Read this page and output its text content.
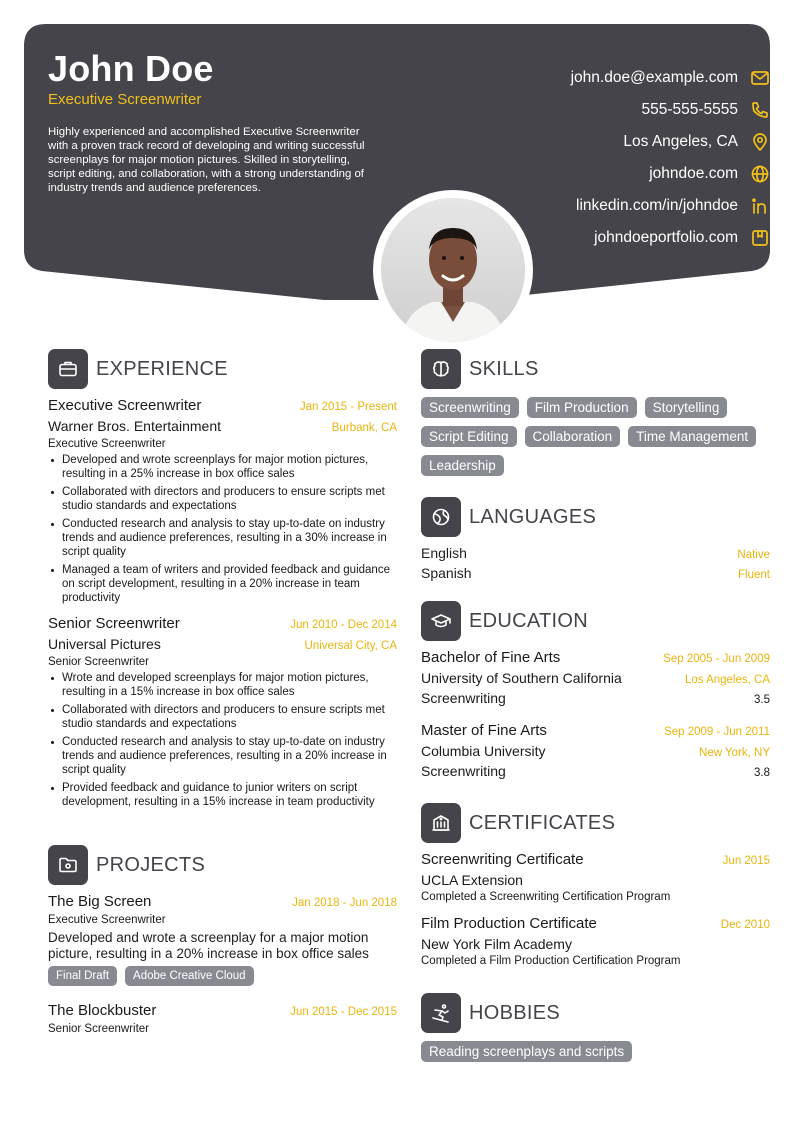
John Doe
Executive Screenwriter
Highly experienced and accomplished Executive Screenwriter with a proven track record of developing and writing successful screenplays for major motion pictures. Skilled in storytelling, script editing, and collaboration, with a strong understanding of industry trends and audience preferences.
john.doe@example.com
555-555-5555
Los Angeles, CA
johndoe.com
linkedin.com/in/johndoe
johndoeportfolio.com
EXPERIENCE
Executive Screenwriter	Jan 2015 - Present
Warner Bros. Entertainment	Burbank, CA
Executive Screenwriter
Developed and wrote screenplays for major motion pictures, resulting in a 25% increase in box office sales
Collaborated with directors and producers to ensure scripts met studio standards and expectations
Conducted research and analysis to stay up-to-date on industry trends and audience preferences, resulting in a 30% increase in script quality
Managed a team of writers and provided feedback and guidance on script development, resulting in a 20% increase in team productivity
Senior Screenwriter	Jun 2010 - Dec 2014
Universal Pictures	Universal City, CA
Senior Screenwriter
Wrote and developed screenplays for major motion pictures, resulting in a 15% increase in box office sales
Collaborated with directors and producers to ensure scripts met studio standards and expectations
Conducted research and analysis to stay up-to-date on industry trends and audience preferences, resulting in a 20% increase in script quality
Provided feedback and guidance to junior writers on script development, resulting in a 15% increase in team productivity
PROJECTS
The Big Screen	Jan 2018 - Jun 2018
Executive Screenwriter
Developed and wrote a screenplay for a major motion picture, resulting in a 20% increase in box office sales
Final Draft	Adobe Creative Cloud
The Blockbuster	Jun 2015 - Dec 2015
Senior Screenwriter
SKILLS
Screenwriting	Film Production	Storytelling
Script Editing	Collaboration	Time Management
Leadership
LANGUAGES
English	Native
Spanish	Fluent
EDUCATION
Bachelor of Fine Arts	Sep 2005 - Jun 2009
University of Southern California	Los Angeles, CA
Screenwriting	3.5
Master of Fine Arts	Sep 2009 - Jun 2011
Columbia University	New York, NY
Screenwriting	3.8
CERTIFICATES
Screenwriting Certificate	Jun 2015
UCLA Extension
Completed a Screenwriting Certification Program
Film Production Certificate	Dec 2010
New York Film Academy
Completed a Film Production Certification Program
HOBBIES
Reading screenplays and scripts
